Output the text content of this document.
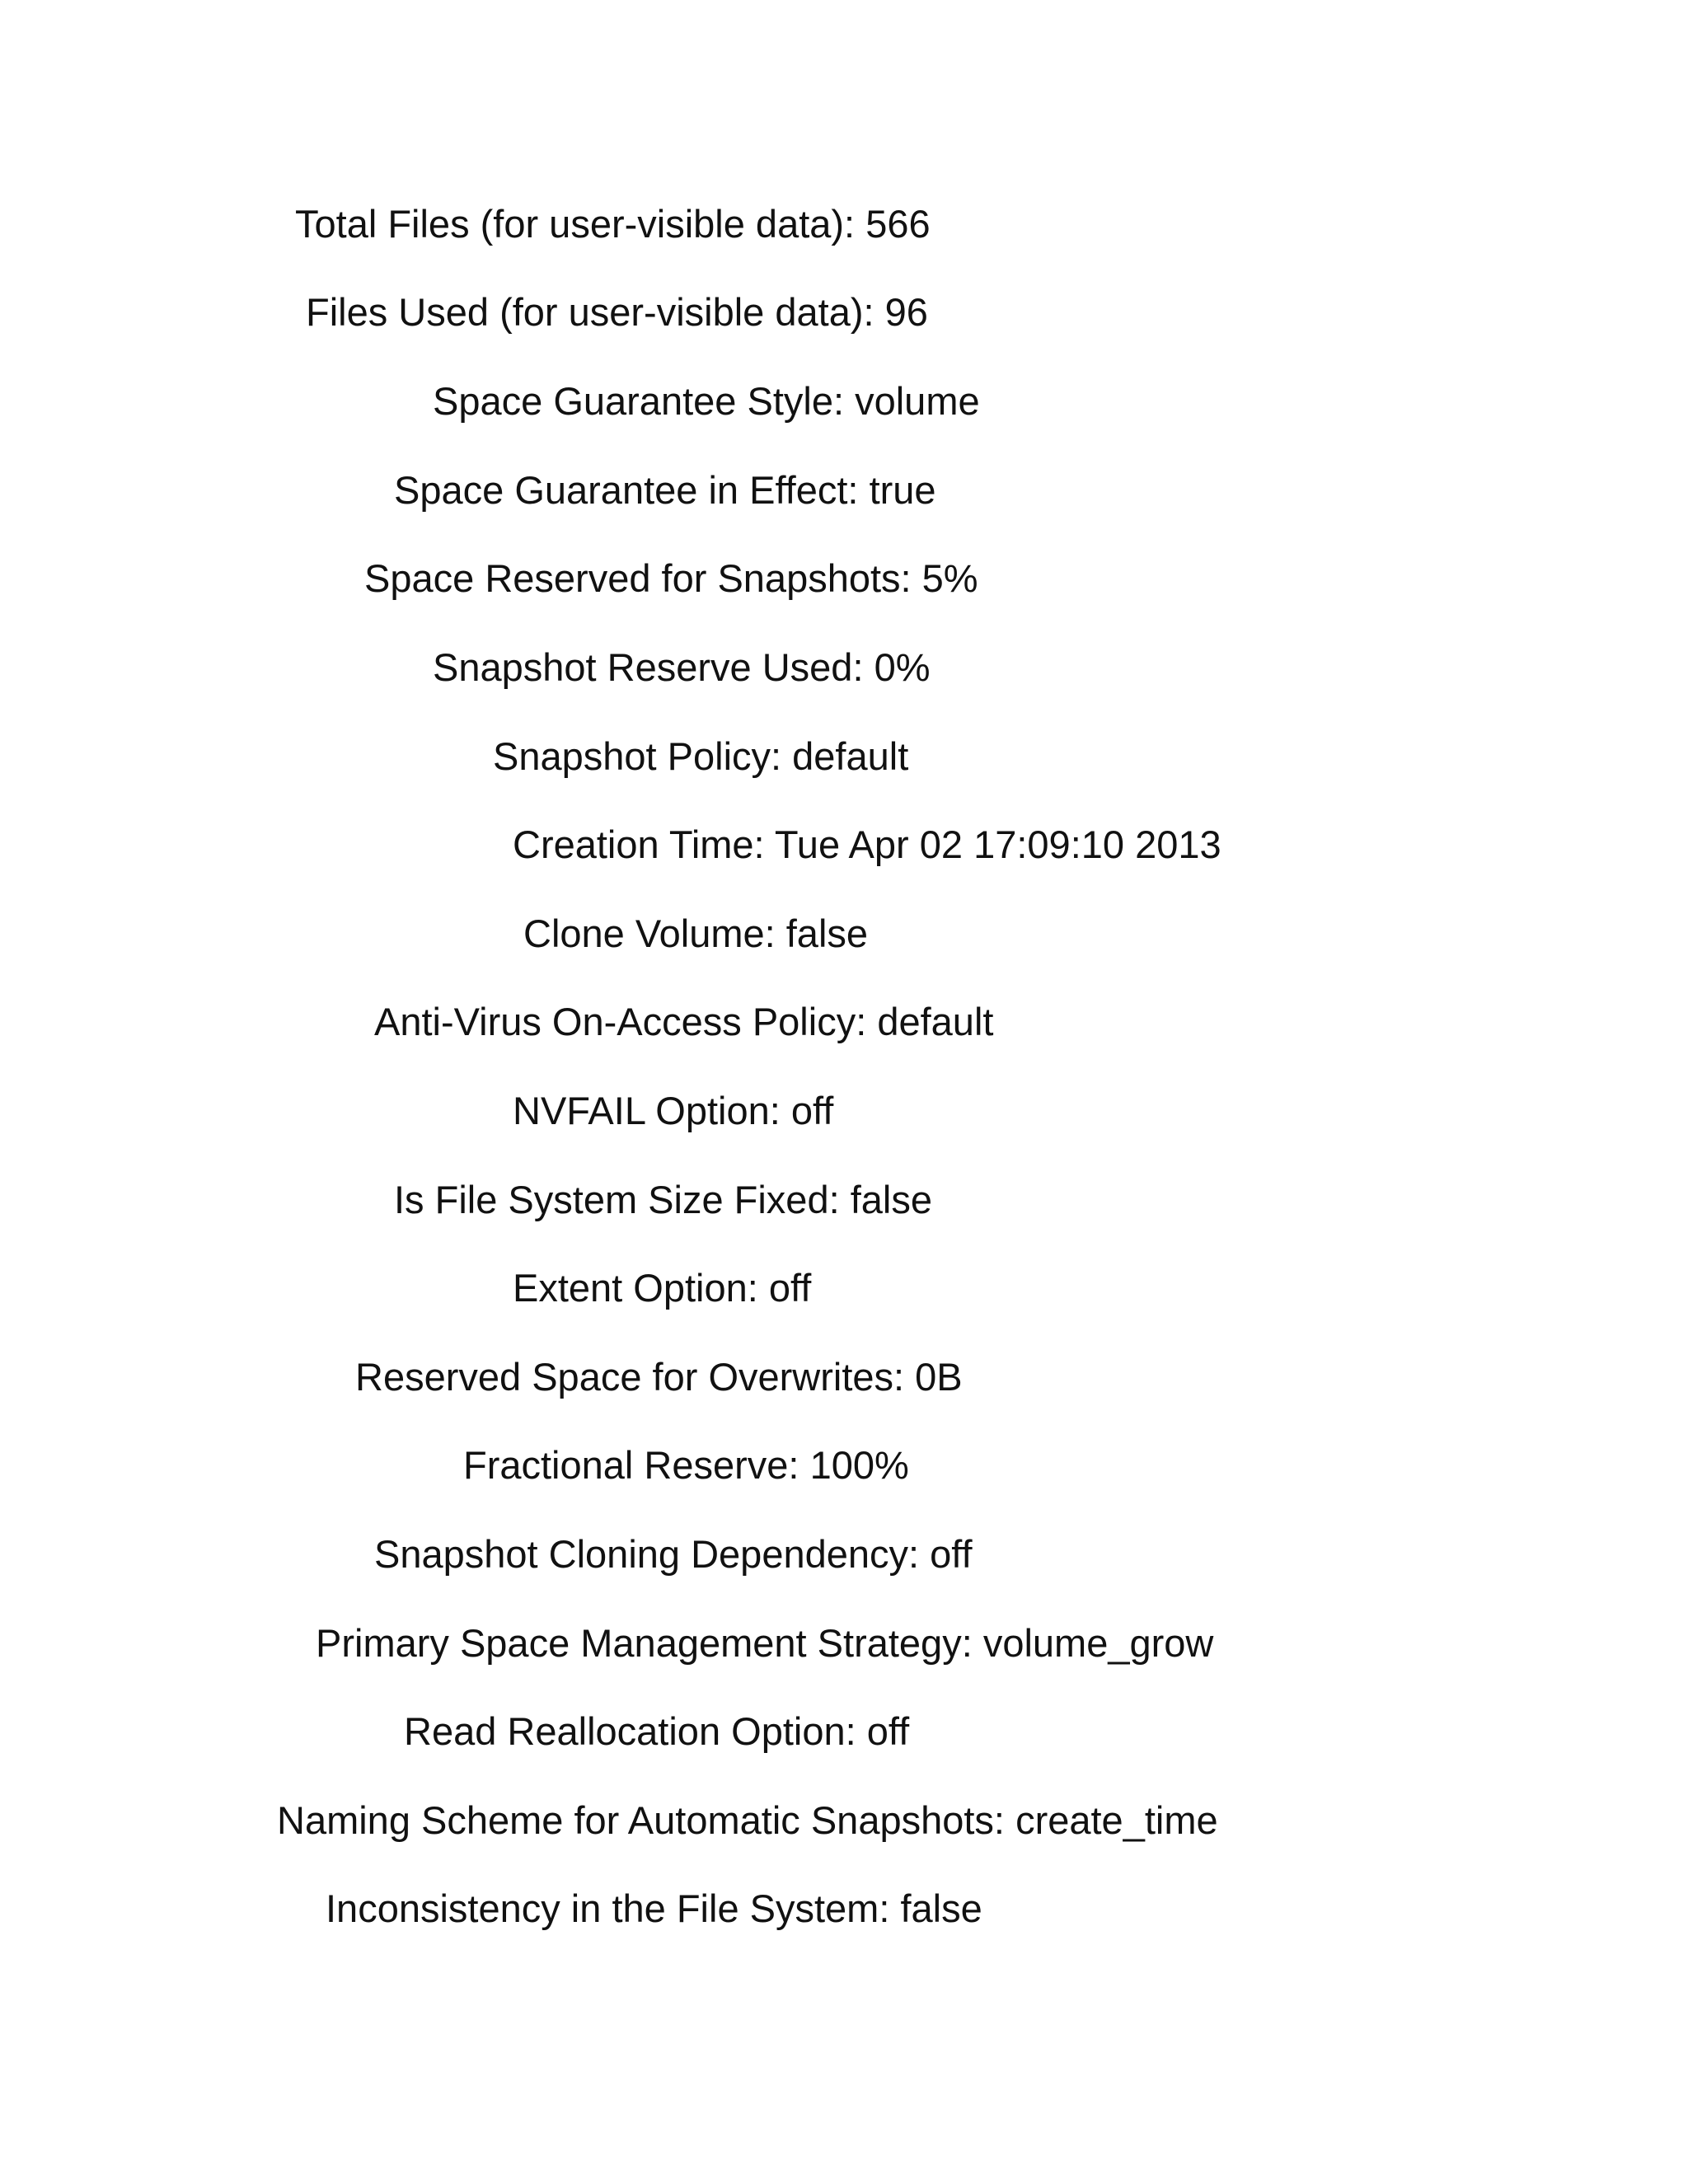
Total Files (for user-visible data): 566

Files Used (for user-visible data): 96

Space Guarantee Style: volume

Space Guarantee in Effect: true

Space Reserved for Snapshots: 5%

Snapshot Reserve Used: 0%

Snapshot Policy: default

Creation Time: Tue Apr 02 17:09:10 2013

Clone Volume: false

Anti-Virus On-Access Policy: default

NVFAIL Option: off

Is File System Size Fixed: false

Extent Option: off

Reserved Space for Overwrites: 0B

Fractional Reserve: 100%

Snapshot Cloning Dependency: off

Primary Space Management Strategy: volume_grow

Read Reallocation Option: off

Naming Scheme for Automatic Snapshots: create_time

Inconsistency in the File System: false
